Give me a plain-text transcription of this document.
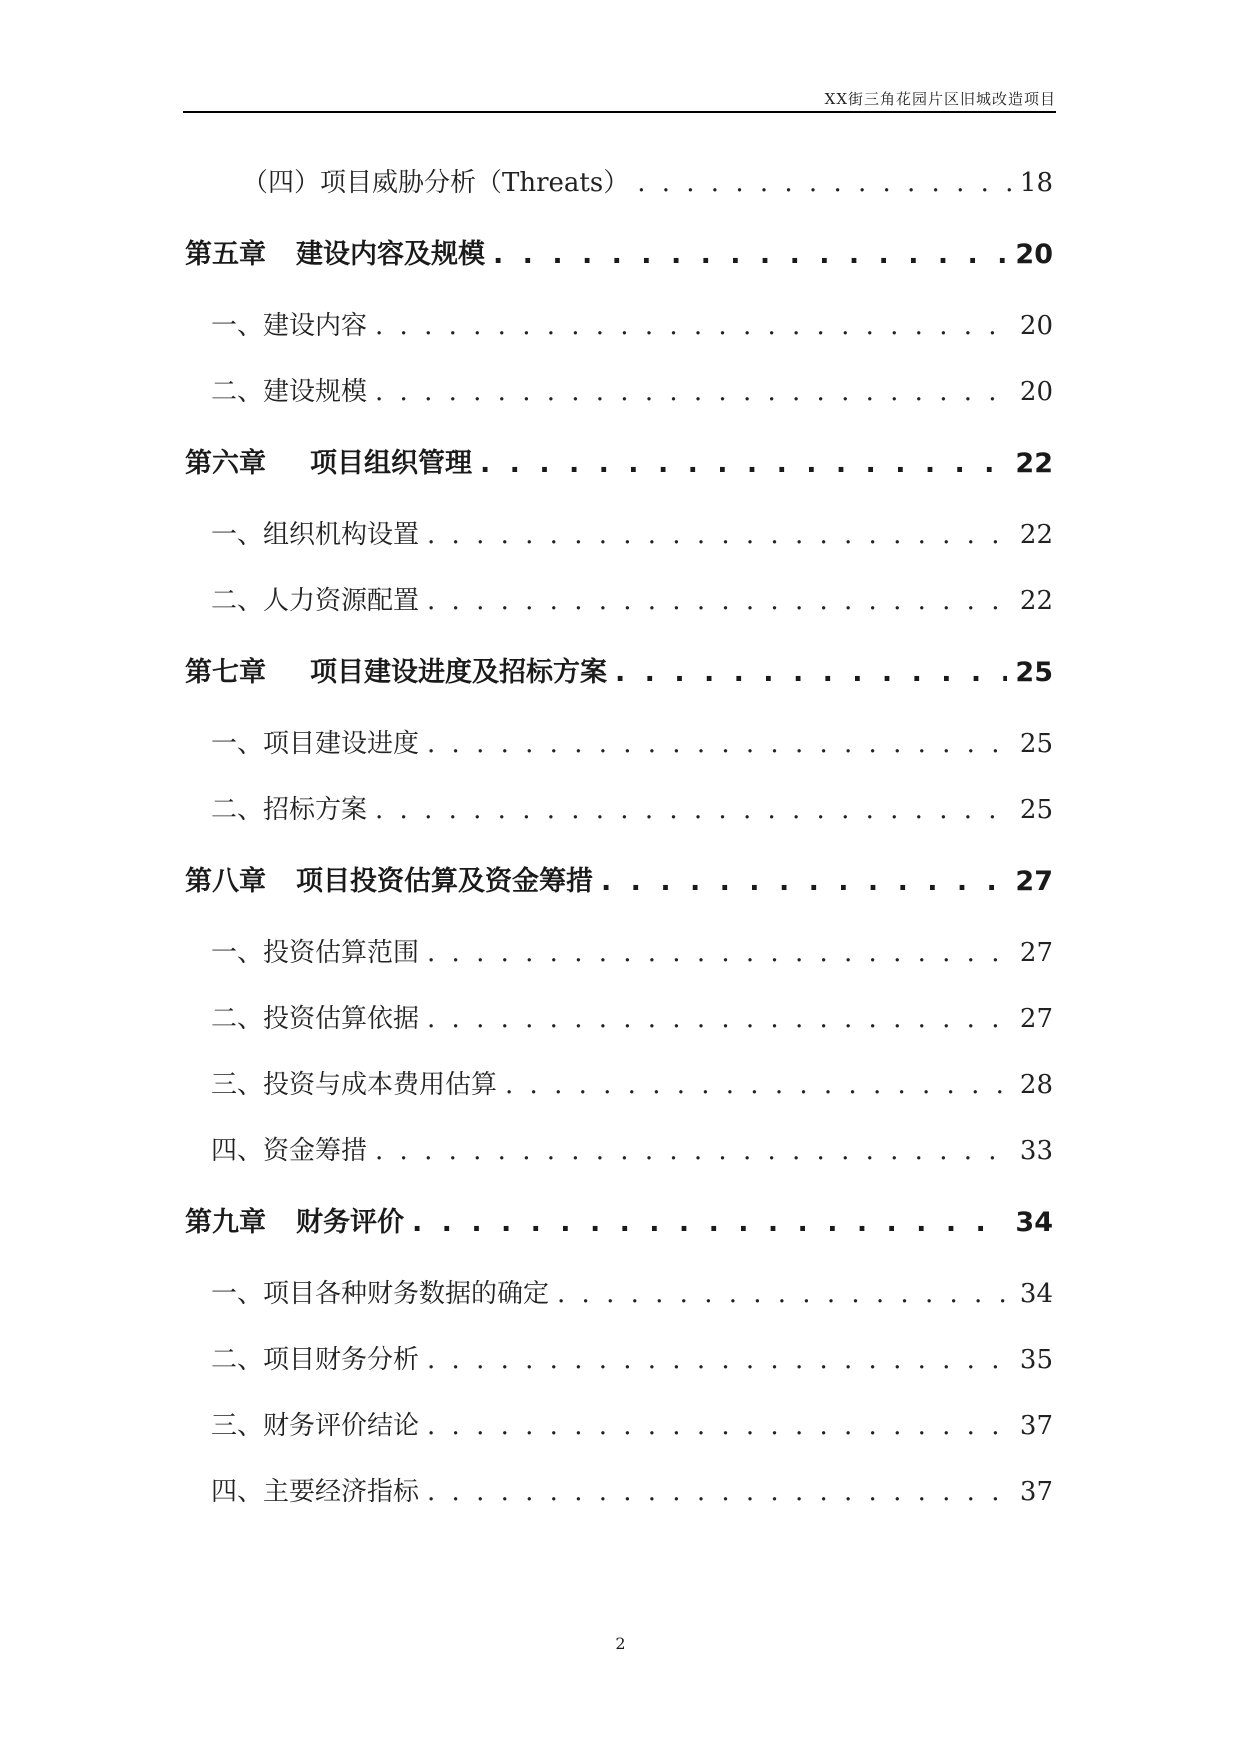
XX街三角花园片区旧城改造项目
（四）项目威胁分析（Threats） . . .	18
第五章 建设内容及规模 . . .	20
一、建设内容 . . .	20
二、建设规模 . . .	20
第六章 项目组织管理 . . .	22
一、组织机构设置 . . .	22
二、人力资源配置 . . .	22
第七章 项目建设进度及招标方案 . . .	25
一、项目建设进度 . . .	25
二、招标方案 . . .	25
第八章 项目投资估算及资金筹措 . . .	27
一、投资估算范围 . . .	27
二、投资估算依据 . . .	27
三、投资与成本费用估算 . . .	28
四、资金筹措 . . .	33
第九章 财务评价 . . .	34
一、项目各种财务数据的确定 . . .	34
二、项目财务分析 . . .	35
三、财务评价结论 . . .	37
四、主要经济指标 . . .	37
2
